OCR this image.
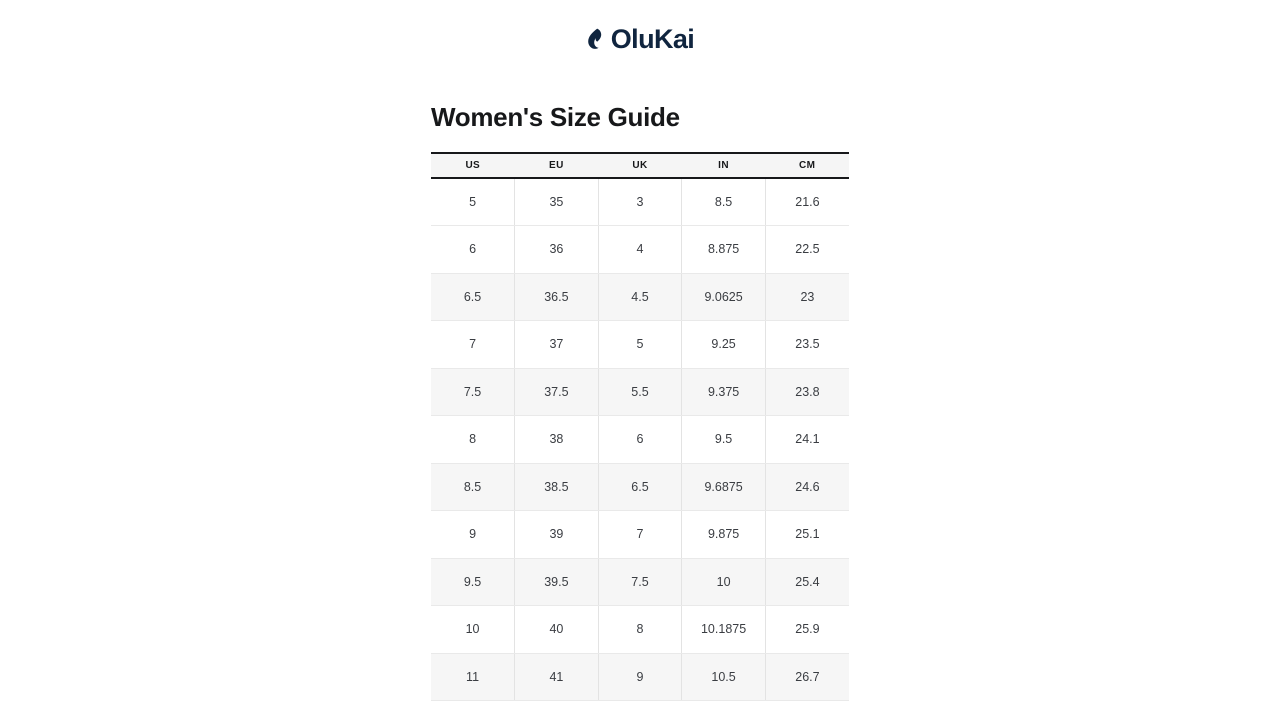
OluKai
Women's Size Guide
US	EU	UK	IN	CM
5	35	3	8.5	21.6
6	36	4	8.875	22.5
6.5	36.5	4.5	9.0625	23
7	37	5	9.25	23.5
7.5	37.5	5.5	9.375	23.8
8	38	6	9.5	24.1
8.5	38.5	6.5	9.6875	24.6
9	39	7	9.875	25.1
9.5	39.5	7.5	10	25.4
10	40	8	10.1875	25.9
11	41	9	10.5	26.7
